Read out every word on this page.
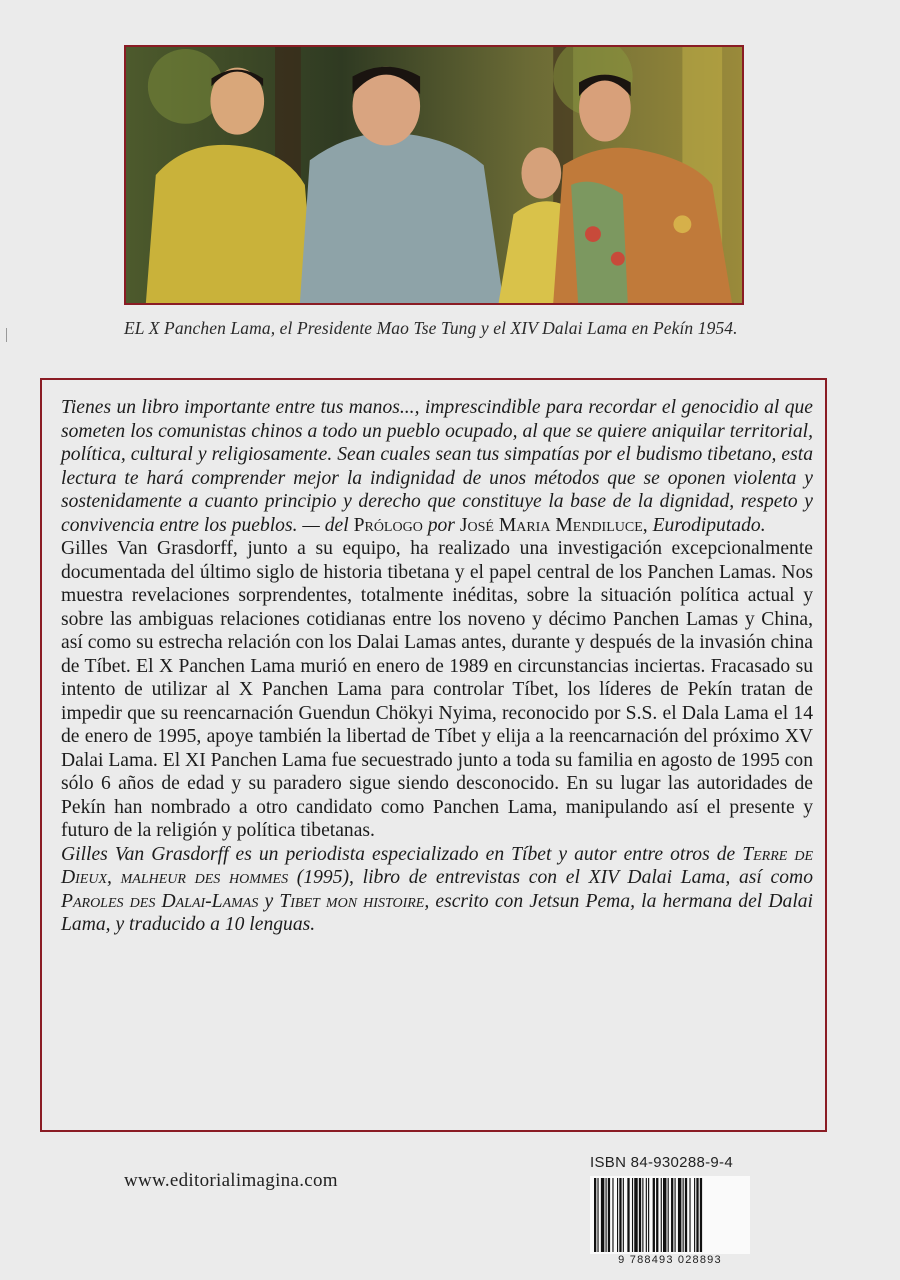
EL X Panchen Lama, el Presidente Mao Tse Tung y el XIV Dalai Lama en Pekín 1954.

Tienes un libro importante entre tus manos..., imprescindible para recordar el genocidio al que someten los comunistas chinos a todo un pueblo ocupado, al que se quiere aniquilar territorial, política, cultural y religiosamente. Sean cuales sean tus simpatías por el budismo tibetano, esta lectura te hará comprender mejor la indignidad de unos métodos que se oponen violenta y sostenidamente a cuanto principio y derecho que constituye la base de la dignidad, respeto y convivencia entre los pueblos. — del Prólogo por José Maria Mendiluce, Eurodiputado.

Gilles Van Grasdorff, junto a su equipo, ha realizado una investigación excepcionalmente documentada del último siglo de historia tibetana y el papel central de los Panchen Lamas. Nos muestra revelaciones sorprendentes, totalmente inéditas, sobre la situación política actual y sobre las ambiguas relaciones cotidianas entre los noveno y décimo Panchen Lamas y China, así como su estrecha relación con los Dalai Lamas antes, durante y después de la invasión china de Tíbet. El X Panchen Lama murió en enero de 1989 en circunstancias inciertas. Fracasado su intento de utilizar al X Panchen Lama para controlar Tíbet, los líderes de Pekín tratan de impedir que su reencarnación Guendun Chökyi Nyima, reconocido por S.S. el Dala Lama el 14 de enero de 1995, apoye también la libertad de Tíbet y elija a la reencarnación del próximo XV Dalai Lama. El XI Panchen Lama fue secuestrado junto a toda su familia en agosto de 1995 con sólo 6 años de edad y su paradero sigue siendo desconocido. En su lugar las autoridades de Pekín han nombrado a otro candidato como Panchen Lama, manipulando así el presente y futuro de la religión y política tibetanas.

Gilles Van Grasdorff es un periodista especializado en Tíbet y autor entre otros de Terre de Dieux, malheur des hommes (1995), libro de entrevistas con el XIV Dalai Lama, así como Paroles des Dalai-Lamas y Tibet mon histoire, escrito con Jetsun Pema, la hermana del Dalai Lama, y traducido a 10 lenguas.

www.editorialimagina.com
ISBN 84-930288-9-4
9 788493 028893
